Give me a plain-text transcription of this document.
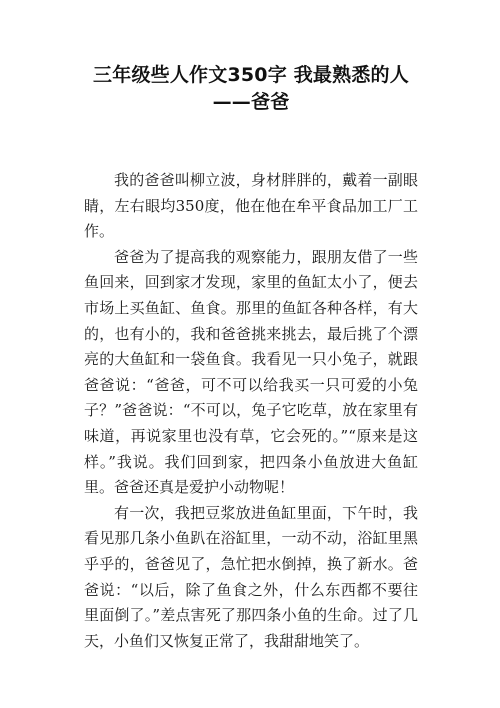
三年级些人作文350字 我最熟悉的人
——爸爸

我的爸爸叫柳立波，身材胖胖的，戴着一副眼睛，左右眼均350度，他在他在牟平食品加工厂工作。

爸爸为了提高我的观察能力，跟朋友借了一些鱼回来，回到家才发现，家里的鱼缸太小了，便去市场上买鱼缸、鱼食。那里的鱼缸各种各样，有大的，也有小的，我和爸爸挑来挑去，最后挑了个漂亮的大鱼缸和一袋鱼食。我看见一只小兔子，就跟爸爸说：“爸爸，可不可以给我买一只可爱的小兔子？”爸爸说：“不可以，兔子它吃草，放在家里有味道，再说家里也没有草，它会死的。”“原来是这样。”我说。我们回到家，把四条小鱼放进大鱼缸里。爸爸还真是爱护小动物呢！

有一次，我把豆浆放进鱼缸里面，下午时，我看见那几条小鱼趴在浴缸里，一动不动，浴缸里黑乎乎的，爸爸见了，急忙把水倒掉，换了新水。爸爸说：“以后，除了鱼食之外，什么东西都不要往里面倒了。”差点害死了那四条小鱼的生命。过了几天，小鱼们又恢复正常了，我甜甜地笑了。
